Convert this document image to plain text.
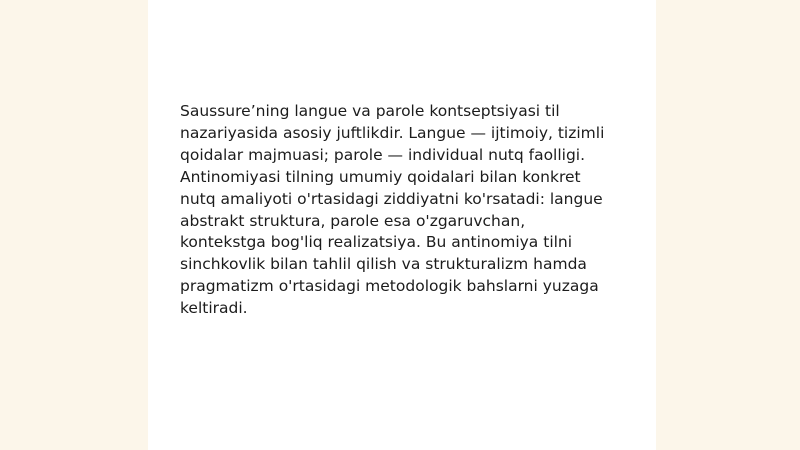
Saussure’ning langue va parole kontseptsiyasi til
nazariyasida asosiy juftlikdir. Langue — ijtimoiy, tizimli
qoidalar majmuasi; parole — individual nutq faolligi.
Antinomiyasi tilning umumiy qoidalari bilan konkret
nutq amaliyoti o'rtasidagi ziddiyatni ko'rsatadi: langue
abstrakt struktura, parole esa o'zgaruvchan,
kontekstga bog'liq realizatsiya. Bu antinomiya tilni
sinchkovlik bilan tahlil qilish va strukturalizm hamda
pragmatizm o'rtasidagi metodologik bahslarni yuzaga
keltiradi.
